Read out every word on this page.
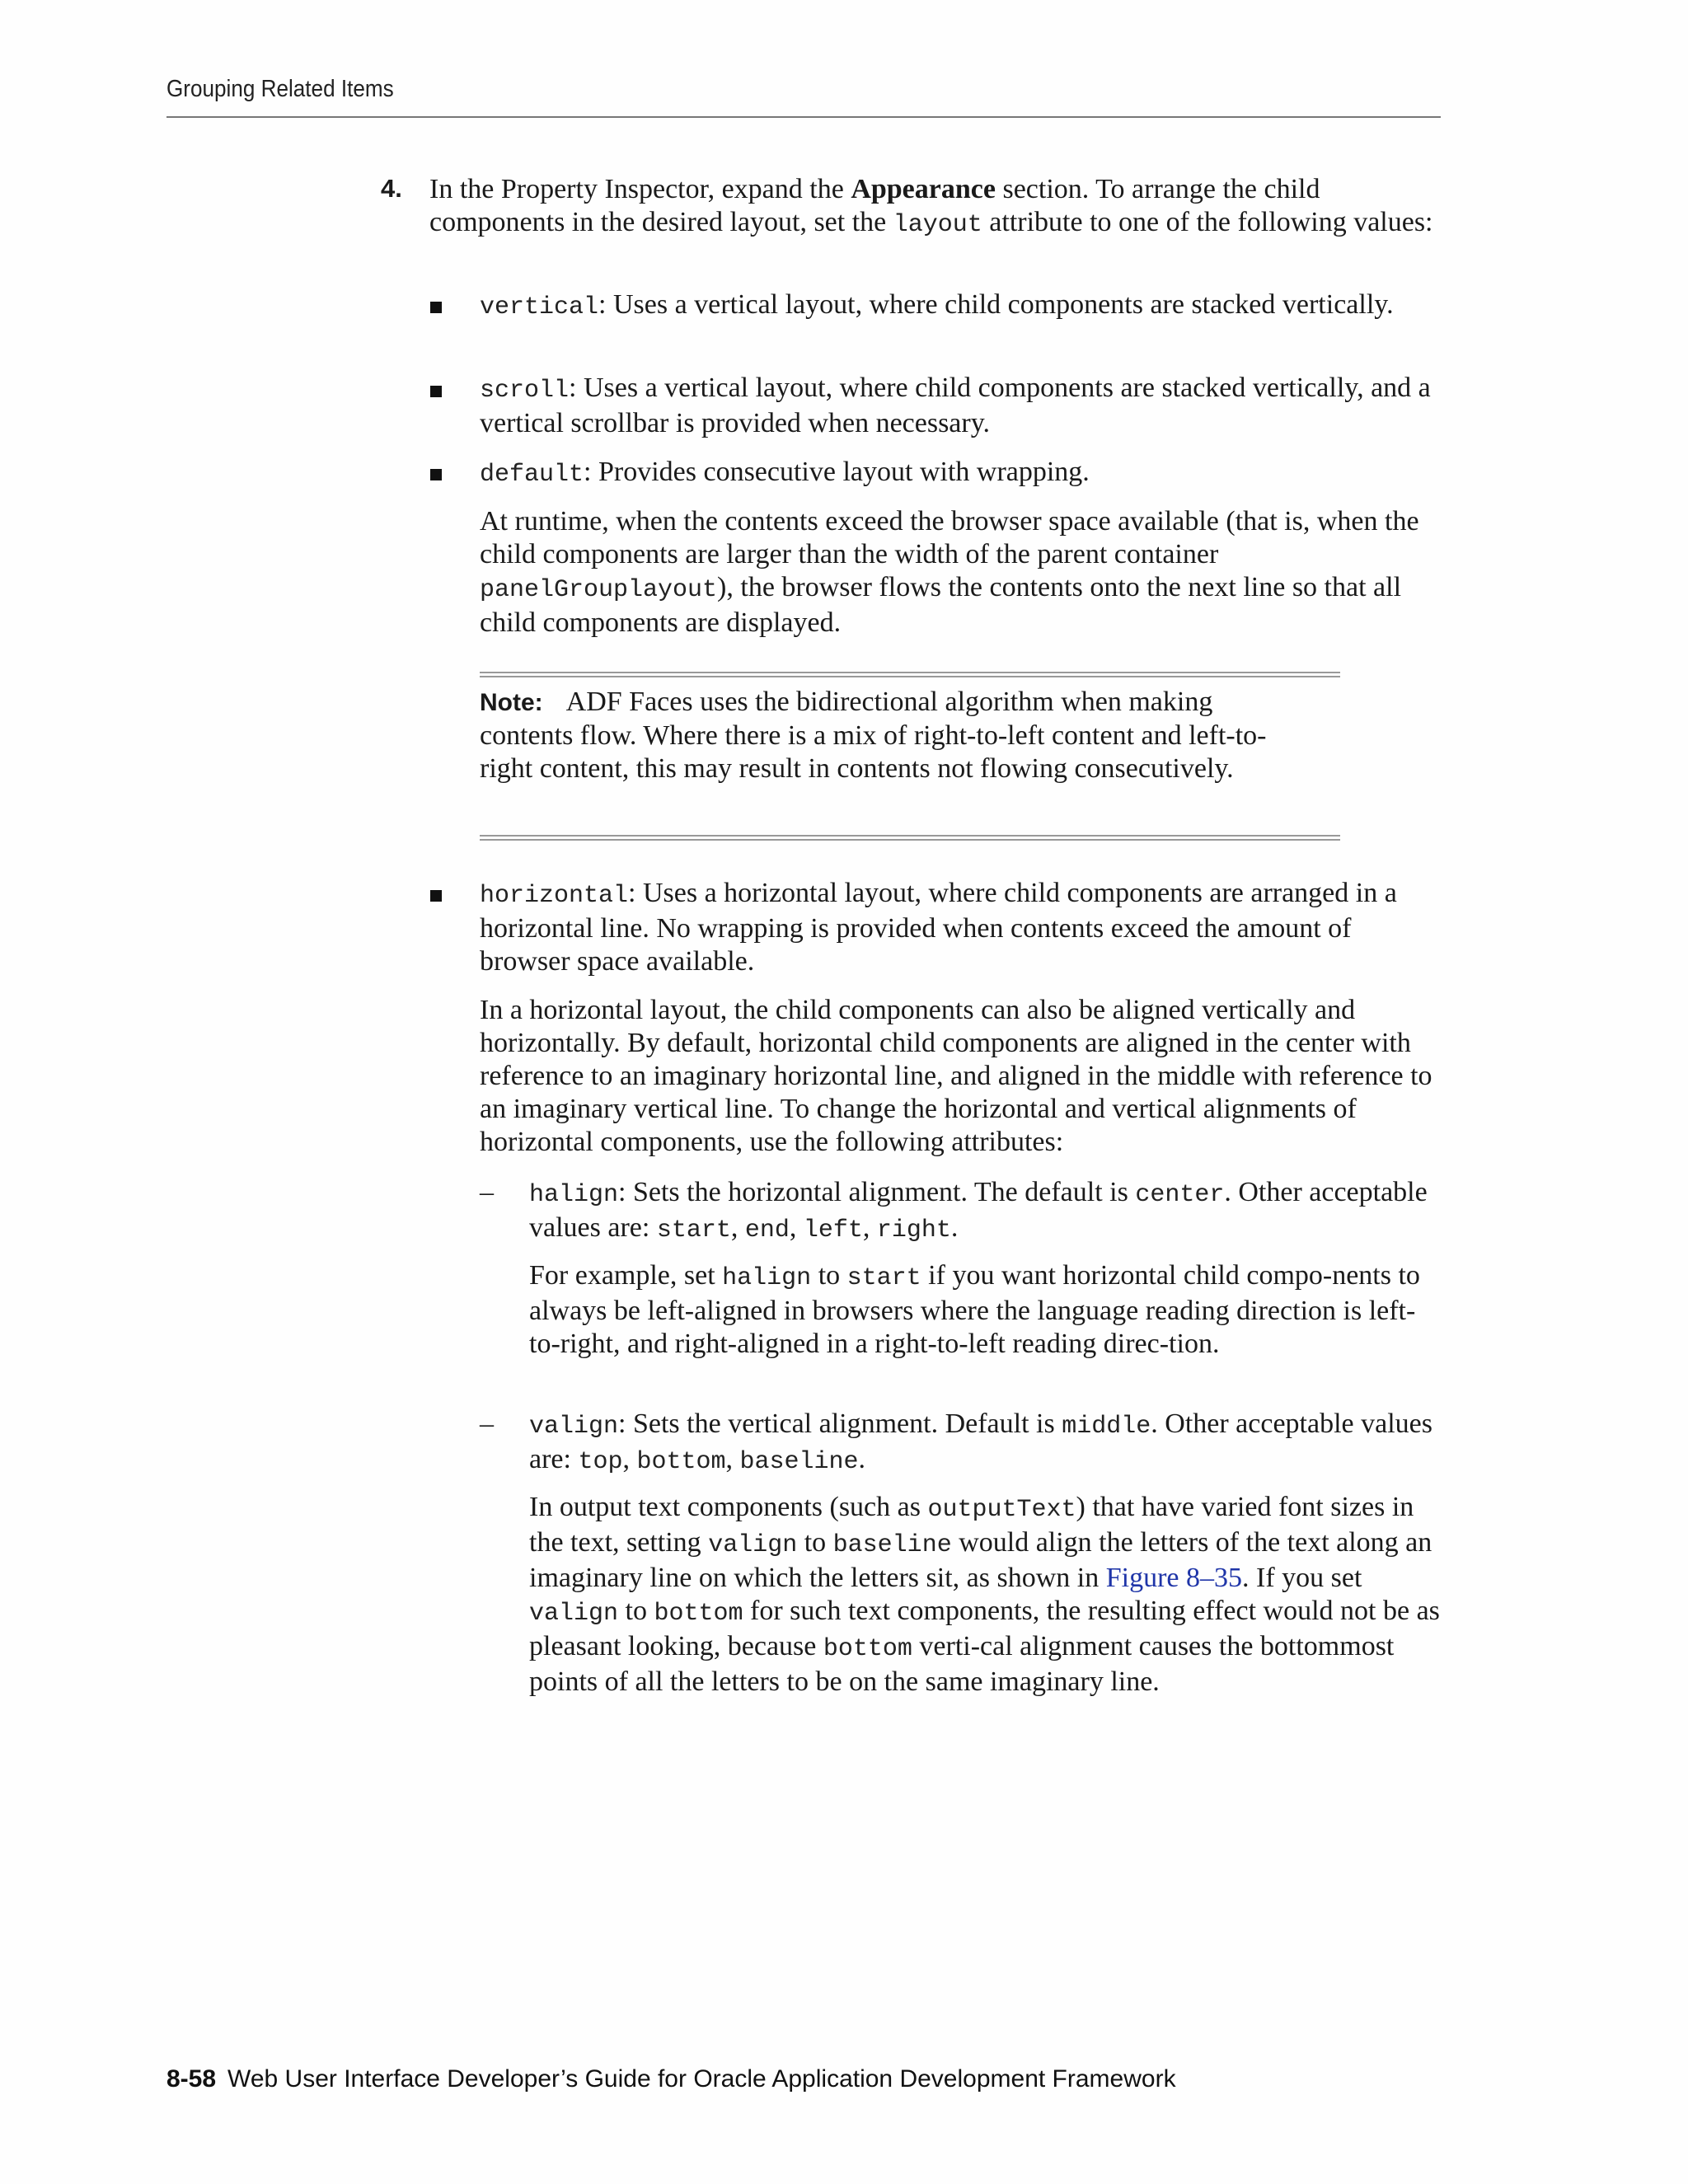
Grouping Related Items
4. In the Property Inspector, expand the Appearance section. To arrange the child components in the desired layout, set the layout attribute to one of the following values:
vertical: Uses a vertical layout, where child components are stacked vertically.
scroll: Uses a vertical layout, where child components are stacked vertically, and a vertical scrollbar is provided when necessary.
default: Provides consecutive layout with wrapping.
At runtime, when the contents exceed the browser space available (that is, when the child components are larger than the width of the parent container panelGrouplayout), the browser flows the contents onto the next line so that all child components are displayed.
Note: ADF Faces uses the bidirectional algorithm when making contents flow. Where there is a mix of right-to-left content and left-to-right content, this may result in contents not flowing consecutively.
horizontal: Uses a horizontal layout, where child components are arranged in a horizontal line. No wrapping is provided when contents exceed the amount of browser space available.
In a horizontal layout, the child components can also be aligned vertically and horizontally. By default, horizontal child components are aligned in the center with reference to an imaginary horizontal line, and aligned in the middle with reference to an imaginary vertical line. To change the horizontal and vertical alignments of horizontal components, use the following attributes:
– halign: Sets the horizontal alignment. The default is center. Other acceptable values are: start, end, left, right.
For example, set halign to start if you want horizontal child compo-nents to always be left-aligned in browsers where the language reading direction is left-to-right, and right-aligned in a right-to-left reading direc-tion.
– valign: Sets the vertical alignment. Default is middle. Other acceptable values are: top, bottom, baseline.
In output text components (such as outputText) that have varied font sizes in the text, setting valign to baseline would align the letters of the text along an imaginary line on which the letters sit, as shown in Figure 8–35. If you set valign to bottom for such text components, the resulting effect would not be as pleasant looking, because bottom verti-cal alignment causes the bottommost points of all the letters to be on the same imaginary line.
8-58 Web User Interface Developer’s Guide for Oracle Application Development Framework
